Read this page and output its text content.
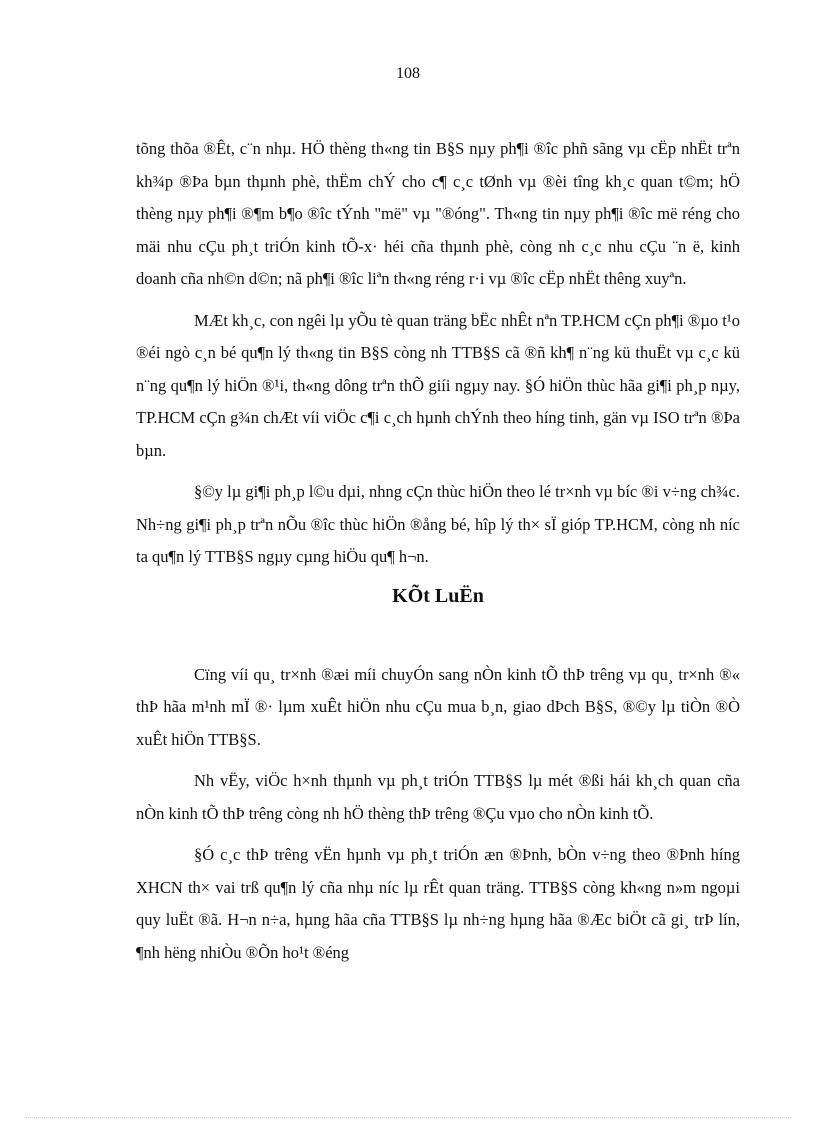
108

tõng thõa ®Êt, c¨n nhµ. HÖ thèng th«ng tin B§S nµy ph¶i ®îc phñ sãng vµ cËp nhËt trªn kh¾p ®Þa bµn thµnh phè, thËm chÝ cho c¶ c¸c tØnh vµ ®èi tîng kh¸c quan t©m; hÖ thèng nµy ph¶i ®¶m b¶o ®îc tÝnh "më" vµ "®óng". Th«ng tin nµy ph¶i ®îc më réng cho mäi nhu cÇu ph¸t triÓn kinh tÕ-x· héi cña thµnh phè, còng nh c¸c nhu cÇu ¨n ë, kinh doanh cña nh©n d©n; nã ph¶i ®îc liªn th«ng réng r·i vµ ®îc cËp nhËt thêng xuyªn.

MÆt kh¸c, con ngêi lµ yÕu tè quan träng bËc nhÊt nªn TP.HCM cÇn ph¶i ®µo t¹o ®éi ngò c¸n bé qu¶n lý th«ng tin B§S còng nh TTB§S cã ®ñ kh¶ n¨ng kü thuËt vµ c¸c kü n¨ng qu¶n lý hiÖn ®¹i, th«ng dông trªn thÕ giíi ngµy nay. §Ó hiÖn thùc hãa gi¶i ph¸p nµy, TP.HCM cÇn g¾n chÆt víi viÖc c¶i c¸ch hµnh chÝnh theo híng tinh, gän vµ ISO trªn ®Þa bµn.

§©y lµ gi¶i ph¸p l©u dµi, nhng cÇn thùc hiÖn theo lé tr×nh vµ bíc ®i v÷ng ch¾c. Nh÷ng gi¶i ph¸p trªn nÕu ®îc thùc hiÖn ®ång bé, hîp lý th× sÏ gióp TP.HCM, còng nh níc ta qu¶n lý TTB§S ngµy cµng hiÖu qu¶ h¬n.

KÕt LuËn

Cïng víi qu¸ tr×nh ®æi míi chuyÓn sang nÒn kinh tÕ thÞ trêng vµ qu¸ tr×nh ®« thÞ hãa m¹nh mÏ ®· lµm xuÊt hiÖn nhu cÇu mua b¸n, giao dÞch B§S, ®©y lµ tiÒn ®Ò xuÊt hiÖn TTB§S.

Nh vËy, viÖc h×nh thµnh vµ ph¸t triÓn TTB§S lµ mét ®ßi hái kh¸ch quan cña nÒn kinh tÕ thÞ trêng còng nh hÖ thèng thÞ trêng ®Çu vµo cho nÒn kinh tÕ.

§Ó c¸c thÞ trêng vËn hµnh vµ ph¸t triÓn æn ®Þnh, bÒn v÷ng theo ®Þnh híng XHCN th× vai trß qu¶n lý cña nhµ níc lµ rÊt quan träng. TTB§S còng kh«ng n»m ngoµi quy luËt ®ã. H¬n n÷a, hµng hãa cña TTB§S lµ nh÷ng hµng hãa ®Æc biÖt cã gi¸ trÞ lín, ¶nh hëng nhiÒu ®Õn ho¹t ®éng
